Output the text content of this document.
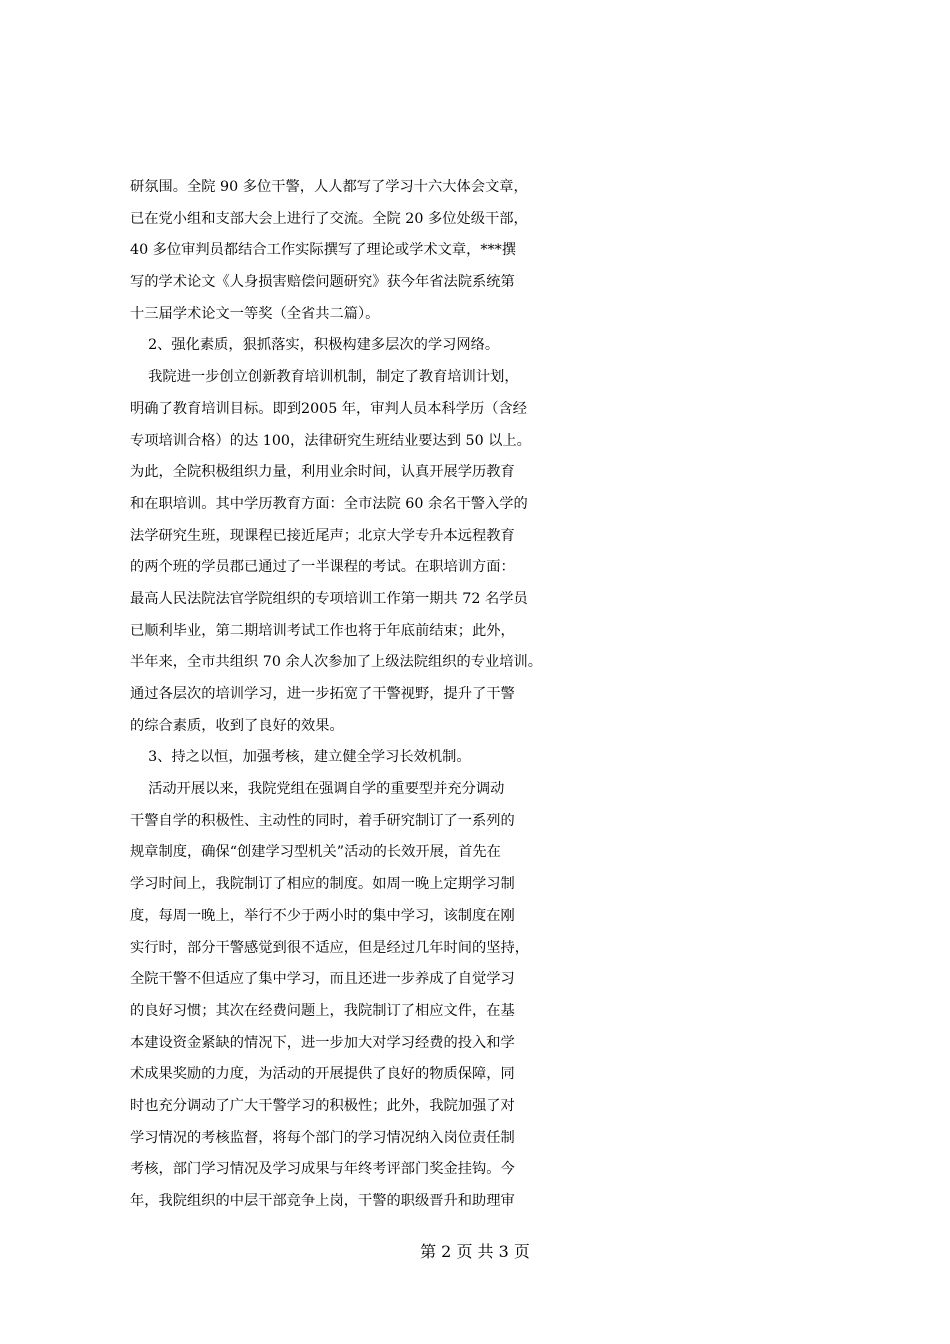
研氛围。全院 90 多位干警，人人都写了学习十六大体会文章，
已在党小组和支部大会上进行了交流。全院 20 多位处级干部，
40 多位审判员都结合工作实际撰写了理论或学术文章，***撰
写的学术论文《人身损害赔偿问题研究》获今年省法院系统第
十三届学术论文一等奖（全省共二篇）。
2、强化素质，狠抓落实，积极构建多层次的学习网络。
我院进一步创立创新教育培训机制，制定了教育培训计划，
明确了教育培训目标。即到2005 年，审判人员本科学历（含经
专项培训合格）的达 100，法律研究生班结业要达到 50 以上。
为此，全院积极组织力量，利用业余时间，认真开展学历教育
和在职培训。其中学历教育方面：全市法院 60 余名干警入学的
法学研究生班，现课程已接近尾声；北京大学专升本远程教育
的两个班的学员郡已通过了一半课程的考试。在职培训方面：
最高人民法院法官学院组织的专项培训工作第一期共 72 名学员
已顺利毕业，第二期培训考试工作也将于年底前结束；此外，
半年来，全市共组织 70 余人次参加了上级法院组织的专业培训。
通过各层次的培训学习，进一步拓宽了干警视野，提升了干警
的综合素质，收到了良好的效果。
3、持之以恒，加强考核，建立健全学习长效机制。
活动开展以来，我院党组在强调自学的重要型并充分调动
干警自学的积极性、主动性的同时，着手研究制订了一系列的
规章制度，确保“创建学习型机关”活动的长效开展，首先在
学习时间上，我院制订了相应的制度。如周一晚上定期学习制
度，每周一晚上，举行不少于两小时的集中学习，该制度在刚
实行时，部分干警感觉到很不适应，但是经过几年时间的坚持，
全院干警不但适应了集中学习，而且还进一步养成了自觉学习
的良好习惯；其次在经费问题上，我院制订了相应文件，在基
本建设资金紧缺的情况下，进一步加大对学习经费的投入和学
术成果奖励的力度，为活动的开展提供了良好的物质保障，同
时也充分调动了广大干警学习的积极性；此外，我院加强了对
学习情况的考核监督，将每个部门的学习情况纳入岗位责任制
考核，部门学习情况及学习成果与年终考评部门奖金挂钩。今
年，我院组织的中层干部竞争上岗，干警的职级晋升和助理审
第 2 页 共 3 页
